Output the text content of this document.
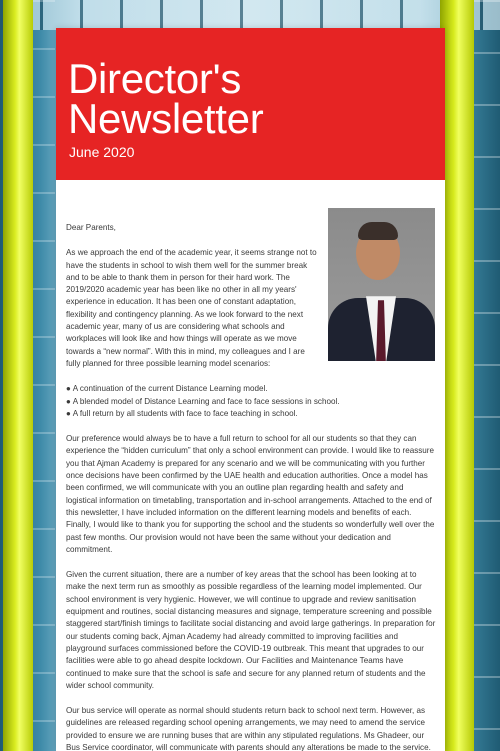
Director's
Newsletter
June 2020
Dear Parents,

As we approach the end of the academic year, it seems strange not to have the students in school to wish them well for the summer break and to be able to thank them in person for their hard work. The 2019/2020 academic year has been like no other in all my years' experience in education. It has been one of constant adaptation, flexibility and contingency planning. As we look forward to the next academic year, many of us are considering what schools and workplaces will look like and how things will operate as we move towards a “new normal”. With this in mind, my colleagues and I are fully planned for three possible learning model scenarios:

● A continuation of the current Distance Learning model.
● A blended model of Distance Learning and face to face sessions in school.
● A full return by all students with face to face teaching in school.

Our preference would always be to have a full return to school for all our students so that they can experience the “hidden curriculum” that only a school environment can provide. I would like to reassure you that Ajman Academy is prepared for any scenario and we will be communicating with you further once decisions have been confirmed by the UAE health and education authorities. Once a model has been confirmed, we will communicate with you an outline plan regarding health and safety and logistical information on timetabling, transportation and in-school arrangements. Attached to the end of this newsletter, I have included information on the different learning models and benefits of each. Finally, I would like to thank you for supporting the school and the students so wonderfully well over the past few months. Our provision would not have been the same without your dedication and commitment.

Given the current situation, there are a number of key areas that the school has been looking at to make the next term run as smoothly as possible regardless of the learning model implemented. Our school environment is very hygienic. However, we will continue to upgrade and review sanitisation equipment and routines, social distancing measures and signage, temperature screening and possible staggered start/finish timings to facilitate social distancing and avoid large gatherings. In preparation for our students coming back, Ajman Academy had already committed to improving facilities and playground surfaces commissioned before the COVID-19 outbreak. This meant that upgrades to our facilities were able to go ahead despite lockdown. Our Facilities and Maintenance Teams have continued to make sure that the school is safe and secure for any planned return of students and the wider school community.

Our bus service will operate as normal should students return back to school next term. However, as guidelines are released regarding school opening arrangements, we may need to amend the service provided to ensure we are running buses that are within any stipulated regulations. Ms Ghadeer, our Bus Service coordinator, will communicate with parents should any alterations be made to the service.
